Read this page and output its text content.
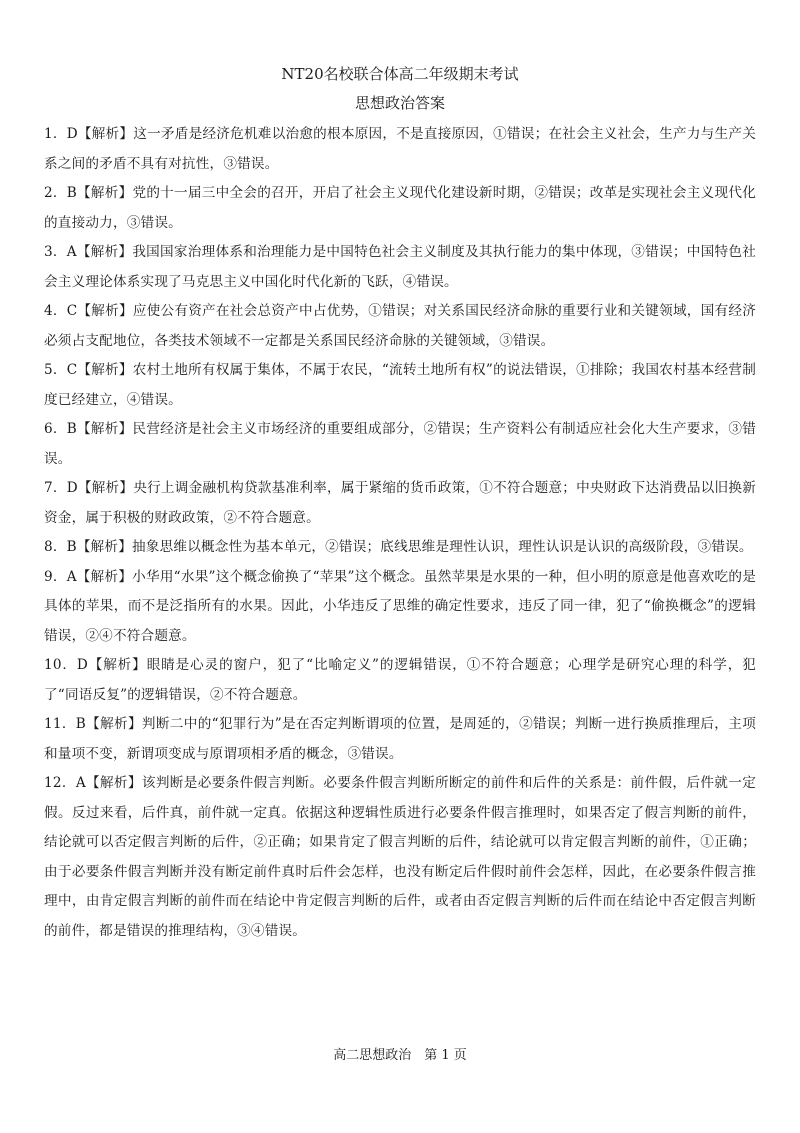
NT20名校联合体高二年级期末考试
思想政治答案

1．D【解析】这一矛盾是经济危机难以治愈的根本原因，不是直接原因，①错误；在社会主义社会，生产力与生产关系之间的矛盾不具有对抗性，③错误。

2．B【解析】党的十一届三中全会的召开，开启了社会主义现代化建设新时期，②错误；改革是实现社会主义现代化的直接动力，③错误。

3．A【解析】我国国家治理体系和治理能力是中国特色社会主义制度及其执行能力的集中体现，③错误；中国特色社会主义理论体系实现了马克思主义中国化时代化新的飞跃，④错误。

4．C【解析】应使公有资产在社会总资产中占优势，①错误；对关系国民经济命脉的重要行业和关键领域，国有经济必须占支配地位，各类技术领域不一定都是关系国民经济命脉的关键领域，③错误。

5．C【解析】农村土地所有权属于集体，不属于农民，“流转土地所有权”的说法错误，①排除；我国农村基本经营制度已经建立，④错误。

6．B【解析】民营经济是社会主义市场经济的重要组成部分，②错误；生产资料公有制适应社会化大生产要求，③错误。

7．D【解析】央行上调金融机构贷款基准利率，属于紧缩的货币政策，①不符合题意；中央财政下达消费品以旧换新资金，属于积极的财政政策，②不符合题意。

8．B【解析】抽象思维以概念性为基本单元，②错误；底线思维是理性认识，理性认识是认识的高级阶段，③错误。

9．A【解析】小华用“水果”这个概念偷换了“苹果”这个概念。虽然苹果是水果的一种，但小明的原意是他喜欢吃的是具体的苹果，而不是泛指所有的水果。因此，小华违反了思维的确定性要求，违反了同一律，犯了“偷换概念”的逻辑错误，②④不符合题意。

10．D【解析】眼睛是心灵的窗户，犯了“比喻定义”的逻辑错误，①不符合题意；心理学是研究心理的科学，犯了“同语反复”的逻辑错误，②不符合题意。

11．B【解析】判断二中的“犯罪行为”是在否定判断谓项的位置，是周延的，②错误；判断一进行换质推理后，主项和量项不变，新谓项变成与原谓项相矛盾的概念，③错误。

12．A【解析】该判断是必要条件假言判断。必要条件假言判断所断定的前件和后件的关系是：前件假，后件就一定假。反过来看，后件真，前件就一定真。依据这种逻辑性质进行必要条件假言推理时，如果否定了假言判断的前件，结论就可以否定假言判断的后件，②正确；如果肯定了假言判断的后件，结论就可以肯定假言判断的前件，①正确；由于必要条件假言判断并没有断定前件真时后件会怎样，也没有断定后件假时前件会怎样，因此，在必要条件假言推理中，由肯定假言判断的前件而在结论中肯定假言判断的后件，或者由否定假言判断的后件而在结论中否定假言判断的前件，都是错误的推理结构，③④错误。

高二思想政治　第 1 页
